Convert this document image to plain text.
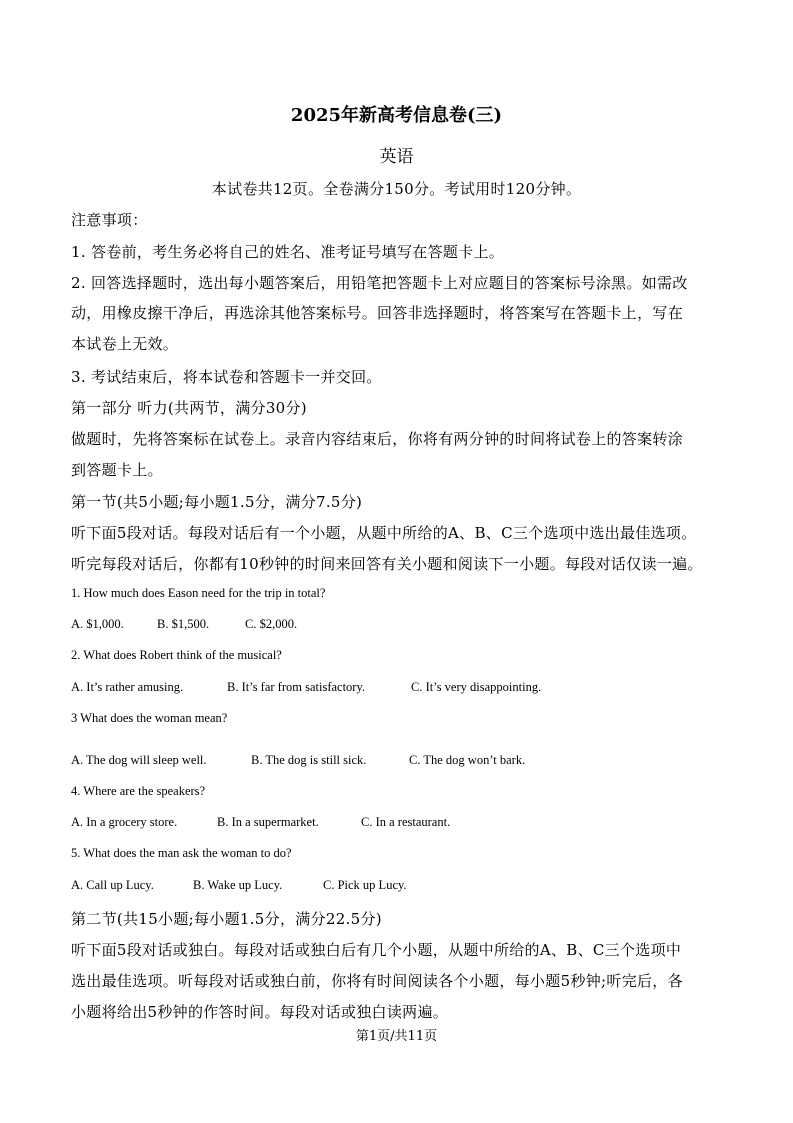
2025年新高考信息卷(三)
英语
本试卷共12页。全卷满分150分。考试用时120分钟。
注意事项：
1. 答卷前，考生务必将自己的姓名、准考证号填写在答题卡上。
2. 回答选择题时，选出每小题答案后，用铅笔把答题卡上对应题目的答案标号涂黑。如需改
动，用橡皮擦干净后，再选涂其他答案标号。回答非选择题时，将答案写在答题卡上，写在
本试卷上无效。
3. 考试结束后，将本试卷和答题卡一并交回。
第一部分 听力(共两节，满分30分)
做题时，先将答案标在试卷上。录音内容结束后，你将有两分钟的时间将试卷上的答案转涂
到答题卡上。
第一节(共5小题;每小题1.5分，满分7.5分)
听下面5段对话。每段对话后有一个小题，从题中所给的A、B、C三个选项中选出最佳选项。
听完每段对话后，你都有10秒钟的时间来回答有关小题和阅读下一小题。每段对话仅读一遍。
1. How much does Eason need for the trip in total?
A. $1,000.	B. $1,500.	C. $2,000.
2. What does Robert think of the musical?
A. It’s rather amusing.	B. It’s far from satisfactory.	C. It’s very disappointing.
3 What does the woman mean?
A. The dog will sleep well.	B. The dog is still sick.	C. The dog won’t bark.
4. Where are the speakers?
A. In a grocery store.	B. In a supermarket.	C. In a restaurant.
5. What does the man ask the woman to do?
A. Call up Lucy.	B. Wake up Lucy.	C. Pick up Lucy.
第二节(共15小题;每小题1.5分，满分22.5分)
听下面5段对话或独白。每段对话或独白后有几个小题，从题中所给的A、B、C三个选项中
选出最佳选项。听每段对话或独白前，你将有时间阅读各个小题，每小题5秒钟;听完后，各
小题将给出5秒钟的作答时间。每段对话或独白读两遍。
第1页/共11页
